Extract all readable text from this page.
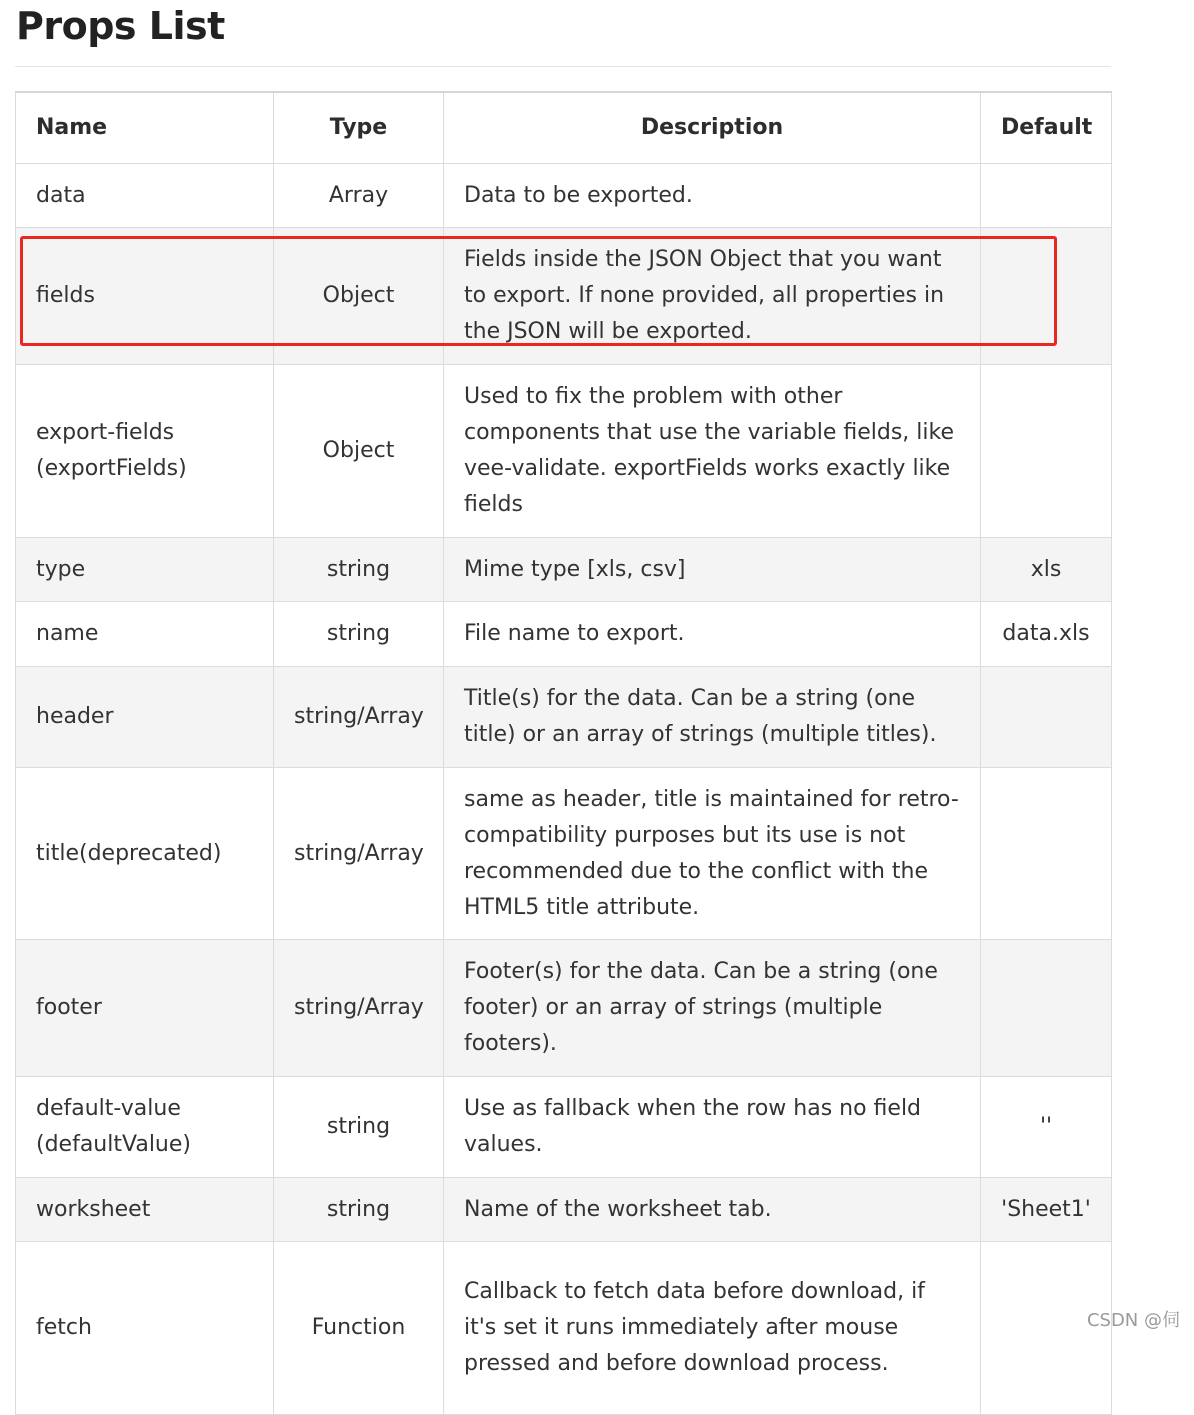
Props List
Name	Type	Description	Default
data	Array	Data to be exported.	
fields	Object	Fields inside the JSON Object that you want to export. If none provided, all properties in the JSON will be exported.	
export-fields (exportFields)	Object	Used to fix the problem with other components that use the variable fields, like vee-validate. exportFields works exactly like fields	
type	string	Mime type [xls, csv]	xls
name	string	File name to export.	data.xls
header	string/Array	Title(s) for the data. Can be a string (one title) or an array of strings (multiple titles).	
title(deprecated)	string/Array	same as header, title is maintained for retro-compatibility purposes but its use is not recommended due to the conflict with the HTML5 title attribute.	
footer	string/Array	Footer(s) for the data. Can be a string (one footer) or an array of strings (multiple footers).	
default-value (defaultValue)	string	Use as fallback when the row has no field values.	''
worksheet	string	Name of the worksheet tab.	'Sheet1'
fetch	Function	Callback to fetch data before download, if it's set it runs immediately after mouse pressed and before download process.	
CSDN @伺
